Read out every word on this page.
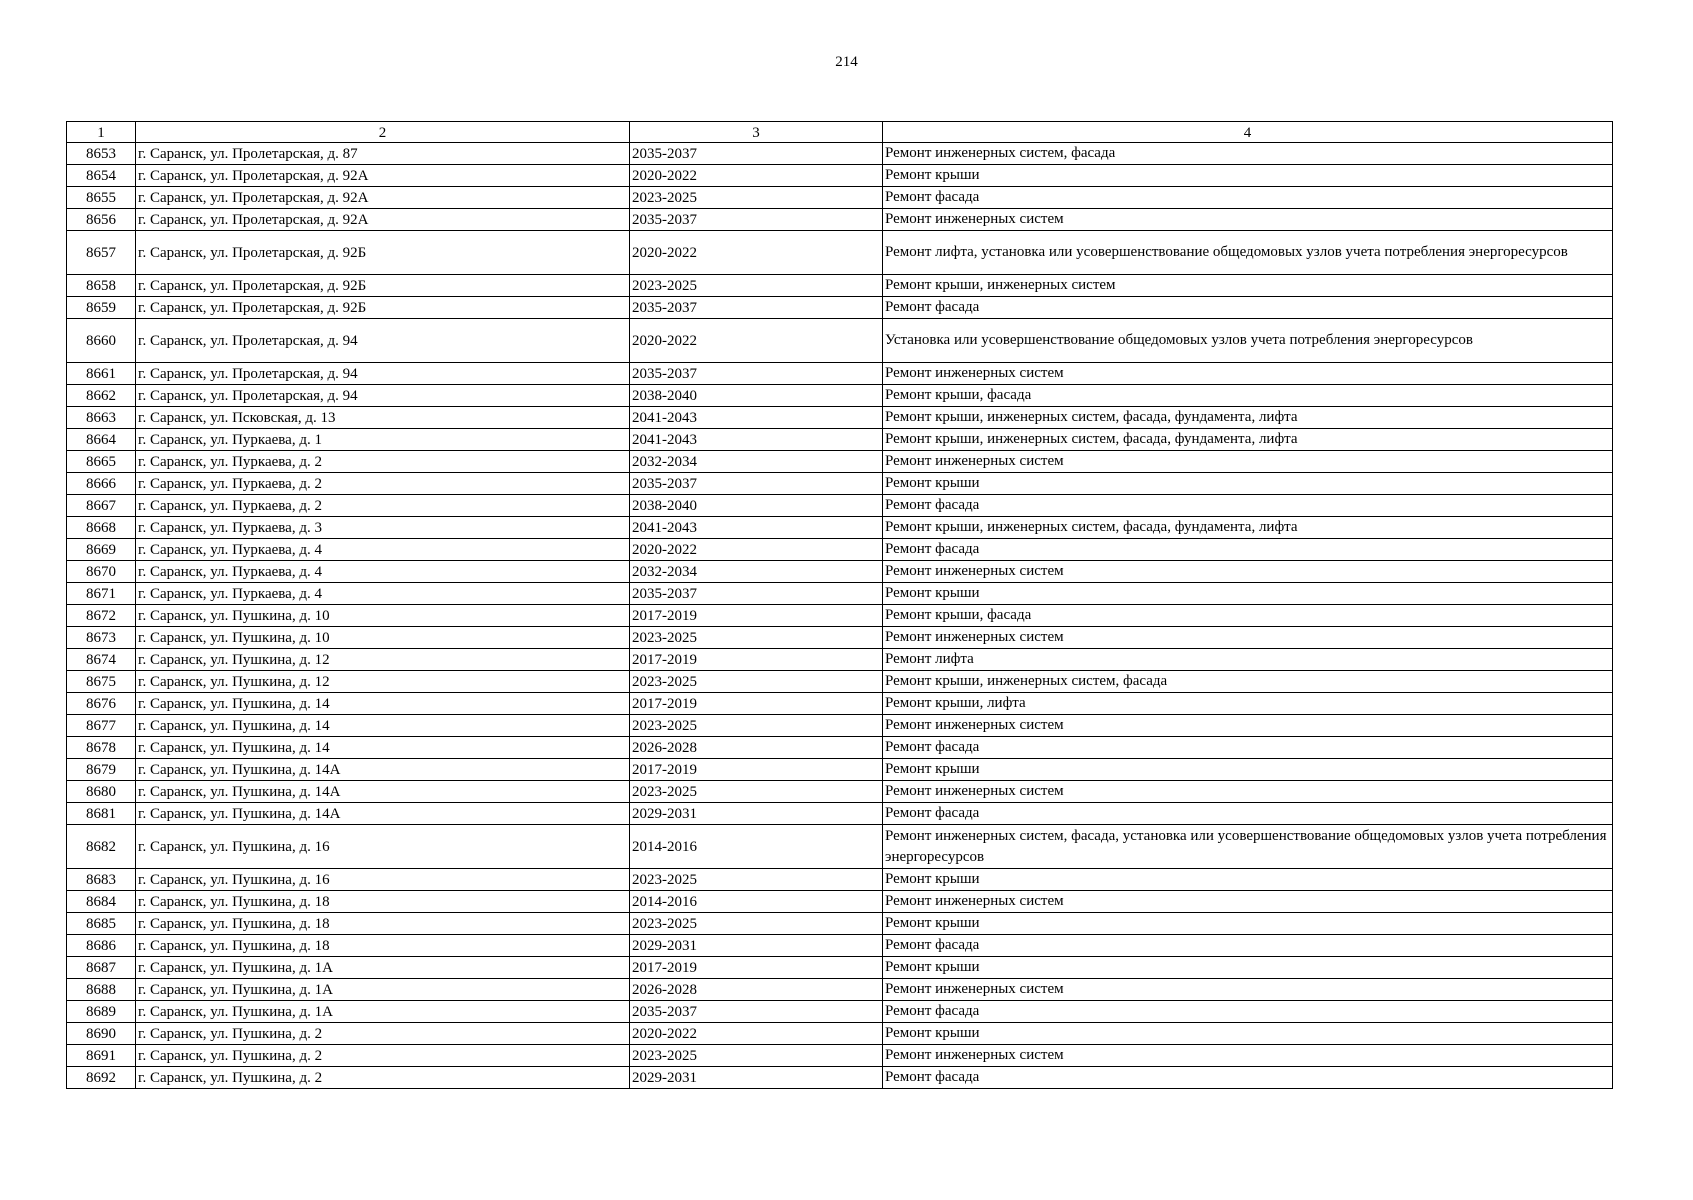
214
1	2	3	4
8653	г. Саранск, ул. Пролетарская, д. 87	2035-2037	Ремонт инженерных систем, фасада
8654	г. Саранск, ул. Пролетарская, д. 92А	2020-2022	Ремонт крыши
8655	г. Саранск, ул. Пролетарская, д. 92А	2023-2025	Ремонт фасада
8656	г. Саранск, ул. Пролетарская, д. 92А	2035-2037	Ремонт инженерных систем
8657	г. Саранск, ул. Пролетарская, д. 92Б	2020-2022	Ремонт лифта, установка или усовершенствование общедомовых узлов учета потребления энергоресурсов
8658	г. Саранск, ул. Пролетарская, д. 92Б	2023-2025	Ремонт крыши, инженерных систем
8659	г. Саранск, ул. Пролетарская, д. 92Б	2035-2037	Ремонт фасада
8660	г. Саранск, ул. Пролетарская, д. 94	2020-2022	Установка или усовершенствование общедомовых узлов учета потребления энергоресурсов
8661	г. Саранск, ул. Пролетарская, д. 94	2035-2037	Ремонт инженерных систем
8662	г. Саранск, ул. Пролетарская, д. 94	2038-2040	Ремонт крыши, фасада
8663	г. Саранск, ул. Псковская, д. 13	2041-2043	Ремонт крыши, инженерных систем, фасада, фундамента, лифта
8664	г. Саранск, ул. Пуркаева, д. 1	2041-2043	Ремонт крыши, инженерных систем, фасада, фундамента, лифта
8665	г. Саранск, ул. Пуркаева, д. 2	2032-2034	Ремонт инженерных систем
8666	г. Саранск, ул. Пуркаева, д. 2	2035-2037	Ремонт крыши
8667	г. Саранск, ул. Пуркаева, д. 2	2038-2040	Ремонт фасада
8668	г. Саранск, ул. Пуркаева, д. 3	2041-2043	Ремонт крыши, инженерных систем, фасада, фундамента, лифта
8669	г. Саранск, ул. Пуркаева, д. 4	2020-2022	Ремонт фасада
8670	г. Саранск, ул. Пуркаева, д. 4	2032-2034	Ремонт инженерных систем
8671	г. Саранск, ул. Пуркаева, д. 4	2035-2037	Ремонт крыши
8672	г. Саранск, ул. Пушкина, д. 10	2017-2019	Ремонт крыши, фасада
8673	г. Саранск, ул. Пушкина, д. 10	2023-2025	Ремонт инженерных систем
8674	г. Саранск, ул. Пушкина, д. 12	2017-2019	Ремонт лифта
8675	г. Саранск, ул. Пушкина, д. 12	2023-2025	Ремонт крыши, инженерных систем, фасада
8676	г. Саранск, ул. Пушкина, д. 14	2017-2019	Ремонт крыши, лифта
8677	г. Саранск, ул. Пушкина, д. 14	2023-2025	Ремонт инженерных систем
8678	г. Саранск, ул. Пушкина, д. 14	2026-2028	Ремонт фасада
8679	г. Саранск, ул. Пушкина, д. 14А	2017-2019	Ремонт крыши
8680	г. Саранск, ул. Пушкина, д. 14А	2023-2025	Ремонт инженерных систем
8681	г. Саранск, ул. Пушкина, д. 14А	2029-2031	Ремонт фасада
8682	г. Саранск, ул. Пушкина, д. 16	2014-2016	Ремонт инженерных систем, фасада, установка или усовершенствование общедомовых узлов учета потребления энергоресурсов
8683	г. Саранск, ул. Пушкина, д. 16	2023-2025	Ремонт крыши
8684	г. Саранск, ул. Пушкина, д. 18	2014-2016	Ремонт инженерных систем
8685	г. Саранск, ул. Пушкина, д. 18	2023-2025	Ремонт крыши
8686	г. Саранск, ул. Пушкина, д. 18	2029-2031	Ремонт фасада
8687	г. Саранск, ул. Пушкина, д. 1А	2017-2019	Ремонт крыши
8688	г. Саранск, ул. Пушкина, д. 1А	2026-2028	Ремонт инженерных систем
8689	г. Саранск, ул. Пушкина, д. 1А	2035-2037	Ремонт фасада
8690	г. Саранск, ул. Пушкина, д. 2	2020-2022	Ремонт крыши
8691	г. Саранск, ул. Пушкина, д. 2	2023-2025	Ремонт инженерных систем
8692	г. Саранск, ул. Пушкина, д. 2	2029-2031	Ремонт фасада
